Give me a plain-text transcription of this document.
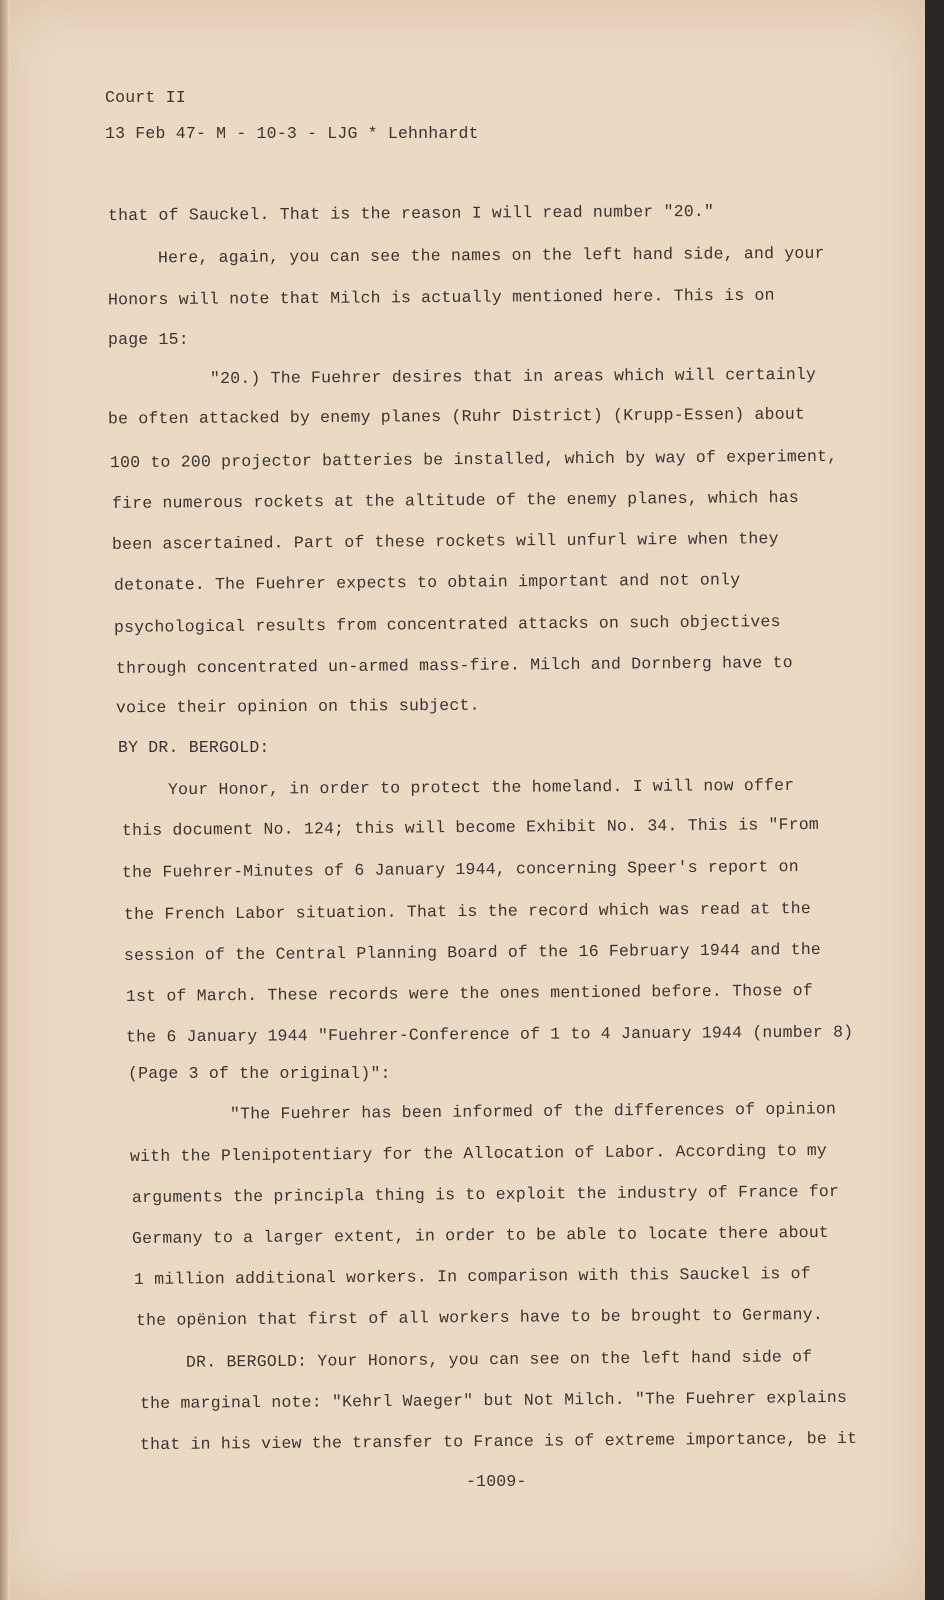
Court II
13 Feb 47- M - 10-3 - LJG * Lehnhardt
that of Sauckel. That is the reason I will read number "20."
Here, again, you can see the names on the left hand side, and your
Honors will note that Milch is actually mentioned here. This is on
page 15:
"20.) The Fuehrer desires that in areas which will certainly
be often attacked by enemy planes (Ruhr District) (Krupp-Essen) about
100 to 200 projector batteries be installed, which by way of experiment,
fire numerous rockets at the altitude of the enemy planes, which has
been ascertained. Part of these rockets will unfurl wire when they
detonate. The Fuehrer expects to obtain important and not only
psychological results from concentrated attacks on such objectives
through concentrated un-armed mass-fire. Milch and Dornberg have to
voice their opinion on this subject.
BY DR. BERGOLD:
Your Honor, in order to protect the homeland. I will now offer
this document No. 124; this will become Exhibit No. 34. This is "From
the Fuehrer-Minutes of 6 January 1944, concerning Speer's report on
the French Labor situation. That is the record which was read at the
session of the Central Planning Board of the 16 February 1944 and the
1st of March. These records were the ones mentioned before. Those of
the 6 January 1944 "Fuehrer-Conference of 1 to 4 January 1944 (number 8)
(Page 3 of the original)":
"The Fuehrer has been informed of the differences of opinion
with the Plenipotentiary for the Allocation of Labor. According to my
arguments the principla thing is to exploit the industry of France for
Germany to a larger extent, in order to be able to locate there about
1 million additional workers. In comparison with this Sauckel is of
the opёnion that first of all workers have to be brought to Germany.
DR. BERGOLD: Your Honors, you can see on the left hand side of
the marginal note: "Kehrl Waeger" but Not Milch. "The Fuehrer explains
that in his view the transfer to France is of extreme importance, be it
-1009-
